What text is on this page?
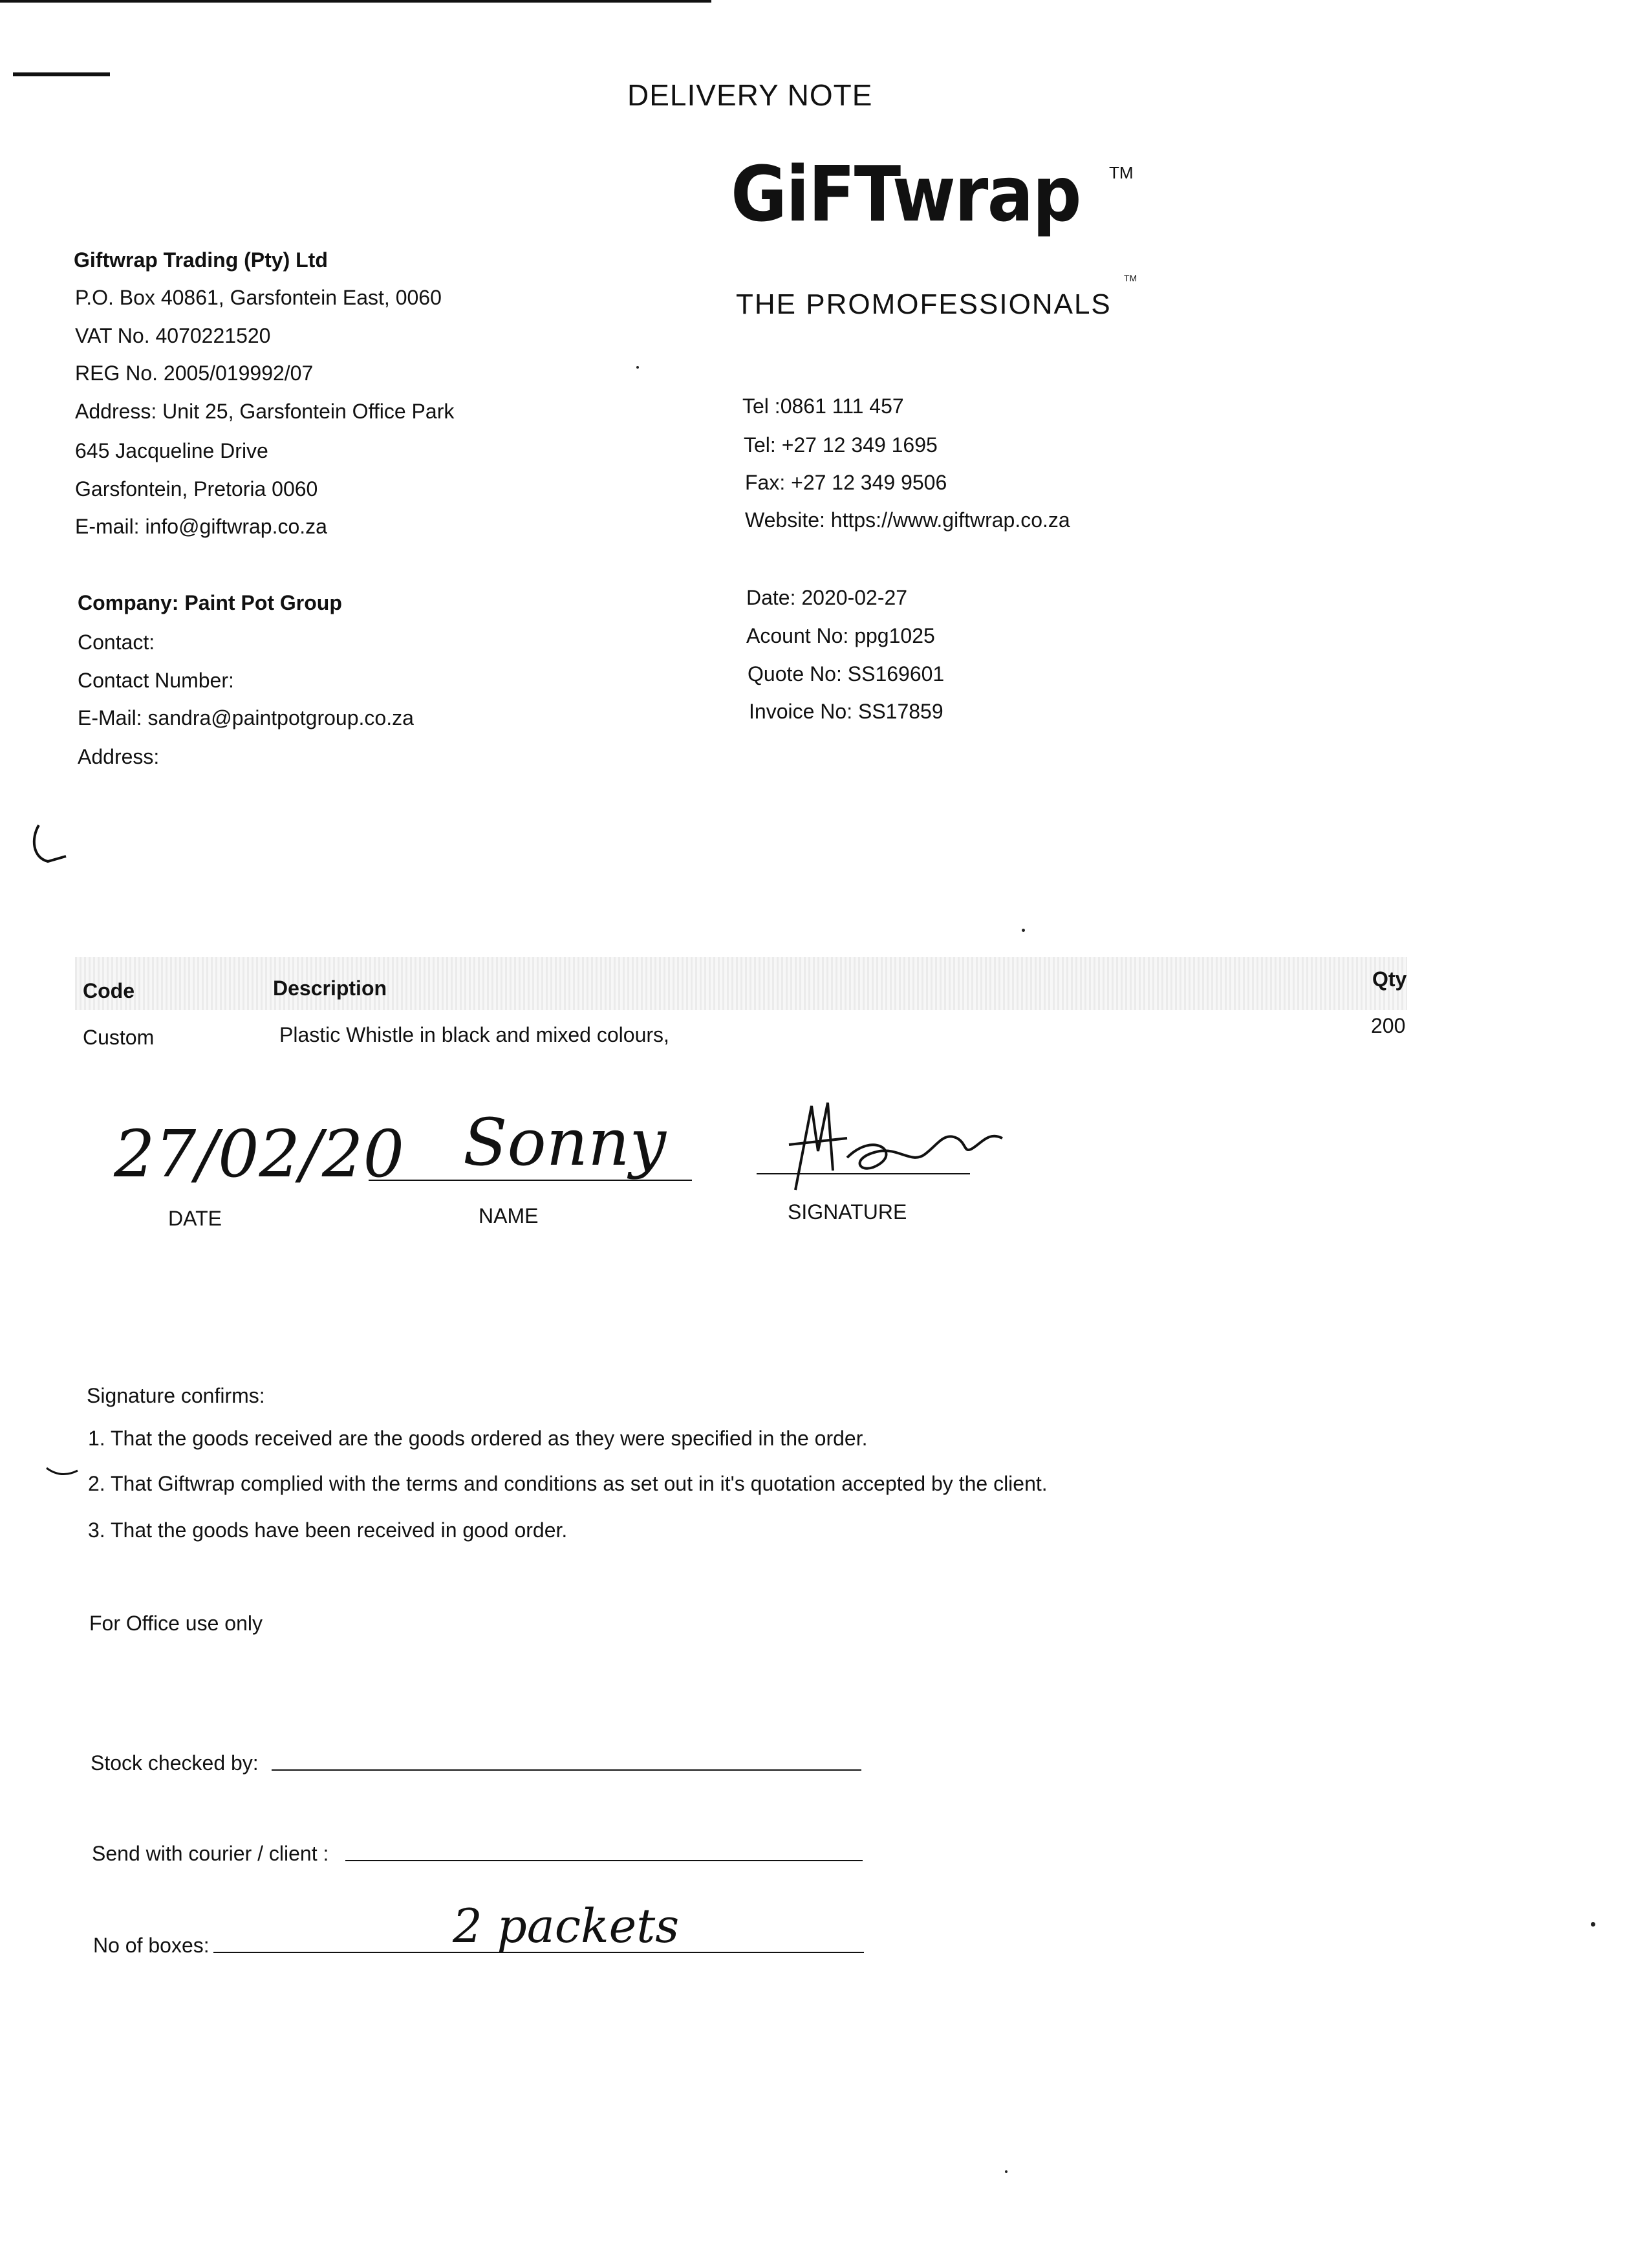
DELIVERY NOTE
GiFTwrap TM
THE PROMOFESSIONALS
TM
Giftwrap Trading (Pty) Ltd
P.O. Box 40861, Garsfontein East, 0060
VAT No. 4070221520
REG No. 2005/019992/07
Address: Unit 25, Garsfontein Office Park
645 Jacqueline Drive
Garsfontein, Pretoria 0060
E-mail: info@giftwrap.co.za
Tel :0861 111 457
Tel: +27 12 349 1695
Fax: +27 12 349 9506
Website: https://www.giftwrap.co.za
Company: Paint Pot Group
Contact:
Contact Number:
E-Mail: sandra@paintpotgroup.co.za
Address:
Date: 2020-02-27
Acount No: ppg1025
Quote No: SS169601
Invoice No: SS17859
Code	Description	Qty
Custom	Plastic Whistle in black and mixed colours,	200
27/02/20 Sonny
DATE	NAME	SIGNATURE
Signature confirms:
1. That the goods received are the goods ordered as they were specified in the order.
2. That Giftwrap complied with the terms and conditions as set out in it's quotation accepted by the client.
3. That the goods have been received in good order.
For Office use only
Stock checked by:
Send with courier / client :
No of boxes:	2 packets
